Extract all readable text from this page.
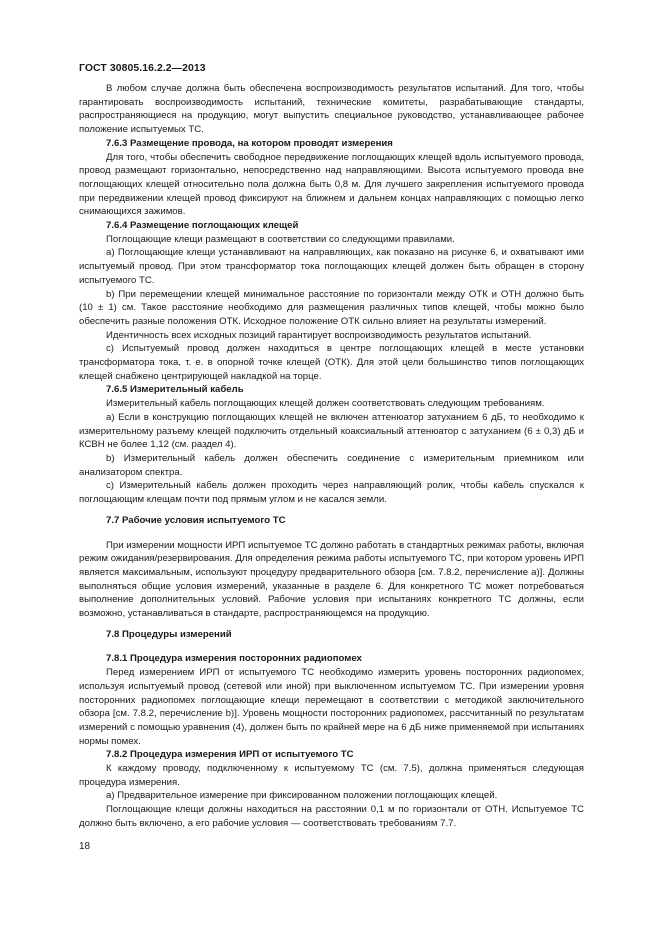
ГОСТ 30805.16.2.2—2013

В любом случае должна быть обеспечена воспроизводимость результатов испытаний. Для того, чтобы гарантировать воспроизводимость испытаний, технические комитеты, разрабатывающие стандарты, распространяющиеся на продукцию, могут выпустить специальное руководство, устанавливающее рабочее положение испытуемых ТС.

7.6.3 Размещение провода, на котором проводят измерения

Для того, чтобы обеспечить свободное передвижение поглощающих клещей вдоль испытуемого провода, провод размещают горизонтально, непосредственно над направляющими. Высота испытуемого провода вне поглощающих клещей относительно пола должна быть 0,8 м. Для лучшего закрепления испытуемого провода при передвижении клещей провод фиксируют на ближнем и дальнем концах направляющих с помощью легко снимающихся зажимов.

7.6.4 Размещение поглощающих клещей

Поглощающие клещи размещают в соответствии со следующими правилами.

а) Поглощающие клещи устанавливают на направляющих, как показано на рисунке 6, и охватывают ими испытуемый провод. При этом трансформатор тока поглощающих клещей должен быть обращен в сторону испытуемого ТС.

b) При перемещении клещей минимальное расстояние по горизонтали между ОТК и ОТН должно быть (10 ± 1) см. Такое расстояние необходимо для размещения различных типов клещей, чтобы можно было обеспечить разные положения ОТК. Исходное положение ОТК сильно влияет на результаты измерений.

Идентичность всех исходных позиций гарантирует воспроизводимость результатов испытаний.

с) Испытуемый провод должен находиться в центре поглощающих клещей в месте установки трансформатора тока, т. е. в опорной точке клещей (ОТК). Для этой цели большинство типов поглощающих клещей снабжено центрирующей накладкой на торце.

7.6.5 Измерительный кабель

Измерительный кабель поглощающих клещей должен соответствовать следующим требованиям.

а) Если в конструкцию поглощающих клещей не включен аттенюатор затуханием 6 дБ, то необходимо к измерительному разъему клещей подключить отдельный коаксиальный аттенюатор с затуханием (6 ± 0,3) дБ и КСВН не более 1,12 (см. раздел 4).

b) Измерительный кабель должен обеспечить соединение с измерительным приемником или анализатором спектра.

с) Измерительный кабель должен проходить через направляющий ролик, чтобы кабель спускался к поглощающим клещам почти под прямым углом и не касался земли.

7.7 Рабочие условия испытуемого ТС

При измерении мощности ИРП испытуемое ТС должно работать в стандартных режимах работы, включая режим ожидания/резервирования. Для определения режима работы испытуемого ТС, при котором уровень ИРП является максимальным, используют процедуру предварительного обзора [см. 7.8.2, перечисление а)]. Должны выполняться общие условия измерений, указанные в разделе 6. Для конкретного ТС может потребоваться выполнение дополнительных условий. Рабочие условия при испытаниях конкретного ТС должны, если возможно, устанавливаться в стандарте, распространяющемся на продукцию.

7.8 Процедуры измерений

7.8.1 Процедура измерения посторонних радиопомех

Перед измерением ИРП от испытуемого ТС необходимо измерить уровень посторонних радиопомех, используя испытуемый провод (сетевой или иной) при выключенном испытуемом ТС. При измерении уровня посторонних радиопомех поглощающие клещи перемещают в соответствии с методикой заключительного обзора [см. 7.8.2, перечисление b)]. Уровень мощности посторонних радиопомех, рассчитанный по результатам измерений с помощью уравнения (4), должен быть по крайней мере на 6 дБ ниже применяемой при испытаниях нормы помех.

7.8.2 Процедура измерения ИРП от испытуемого ТС

К каждому проводу, подключенному к испытуемому ТС (см. 7.5), должна применяться следующая процедура измерения.

а) Предварительное измерение при фиксированном положении поглощающих клещей.

Поглощающие клещи должны находиться на расстоянии 0,1 м по горизонтали от ОТН. Испытуемое ТС должно быть включено, а его рабочие условия — соответствовать требованиям 7.7.

18
